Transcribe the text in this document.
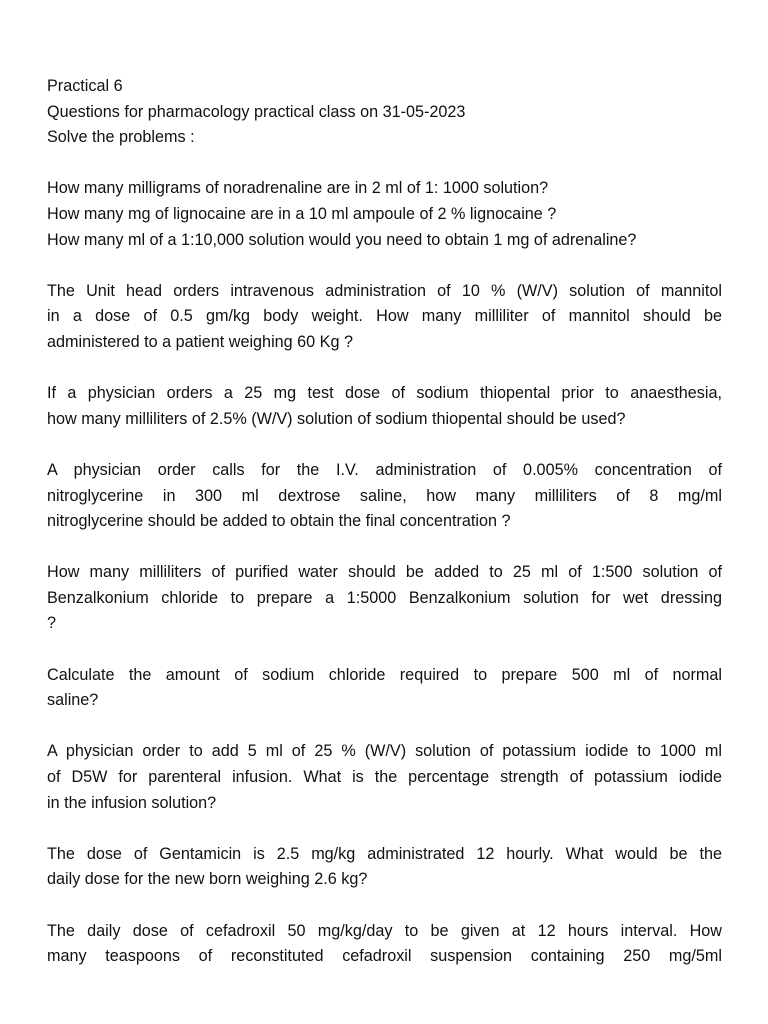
Practical 6
Questions for pharmacology practical class on 31-05-2023
Solve the problems :
How many milligrams of noradrenaline are in 2 ml of 1: 1000 solution?
How many mg of lignocaine are in a 10 ml ampoule of 2 % lignocaine ?
How many ml of a 1:10,000 solution would you need to obtain 1 mg of adrenaline?
The Unit head orders intravenous administration of 10 % (W/V) solution of mannitol
in a dose of 0.5 gm/kg body weight. How many milliliter of mannitol should be
administered to a patient weighing 60 Kg ?
If a physician orders a 25 mg test dose of sodium thiopental prior to anaesthesia,
how many milliliters of 2.5% (W/V) solution of sodium thiopental should be used?
A physician order calls for the I.V. administration of 0.005% concentration of
nitroglycerine in 300 ml dextrose saline, how many milliliters of 8 mg/ml
nitroglycerine should be added to obtain the final concentration ?
How many milliliters of purified water should be added to 25 ml of 1:500 solution of
Benzalkonium chloride to prepare a 1:5000 Benzalkonium solution for wet dressing
?
Calculate the amount of sodium chloride required to prepare 500 ml of normal
saline?
A physician order to add 5 ml of 25 % (W/V) solution of potassium iodide to 1000 ml
of D5W for parenteral infusion. What is the percentage strength of potassium iodide
in the infusion solution?
The dose of Gentamicin is 2.5 mg/kg administrated 12 hourly. What would be the
daily dose for the new born weighing 2.6 kg?
The daily dose of cefadroxil 50 mg/kg/day to be given at 12 hours interval. How
many teaspoons of reconstituted cefadroxil suspension containing 250 mg/5ml
